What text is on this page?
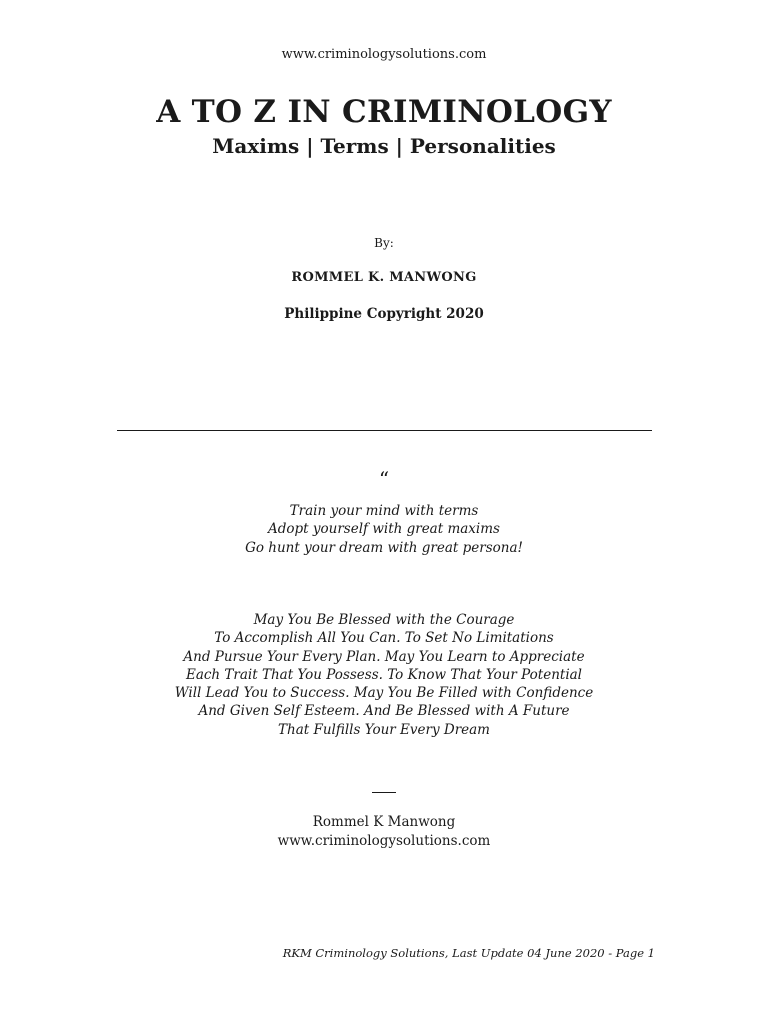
www.criminologysolutions.com
A TO Z IN CRIMINOLOGY
Maxims | Terms | Personalities
By:
ROMMEL K. MANWONG
Philippine Copyright 2020
“
Train your mind with terms
Adopt yourself with great maxims
Go hunt your dream with great persona!
May You Be Blessed with the Courage
To Accomplish All You Can. To Set No Limitations
And Pursue Your Every Plan. May You Learn to Appreciate
Each Trait That You Possess. To Know That Your Potential
Will Lead You to Success. May You Be Filled with Confidence
And Given Self Esteem. And Be Blessed with A Future
That Fulfills Your Every Dream
Rommel K Manwong
www.criminologysolutions.com
RKM Criminology Solutions, Last Update 04 June 2020 - Page 1
